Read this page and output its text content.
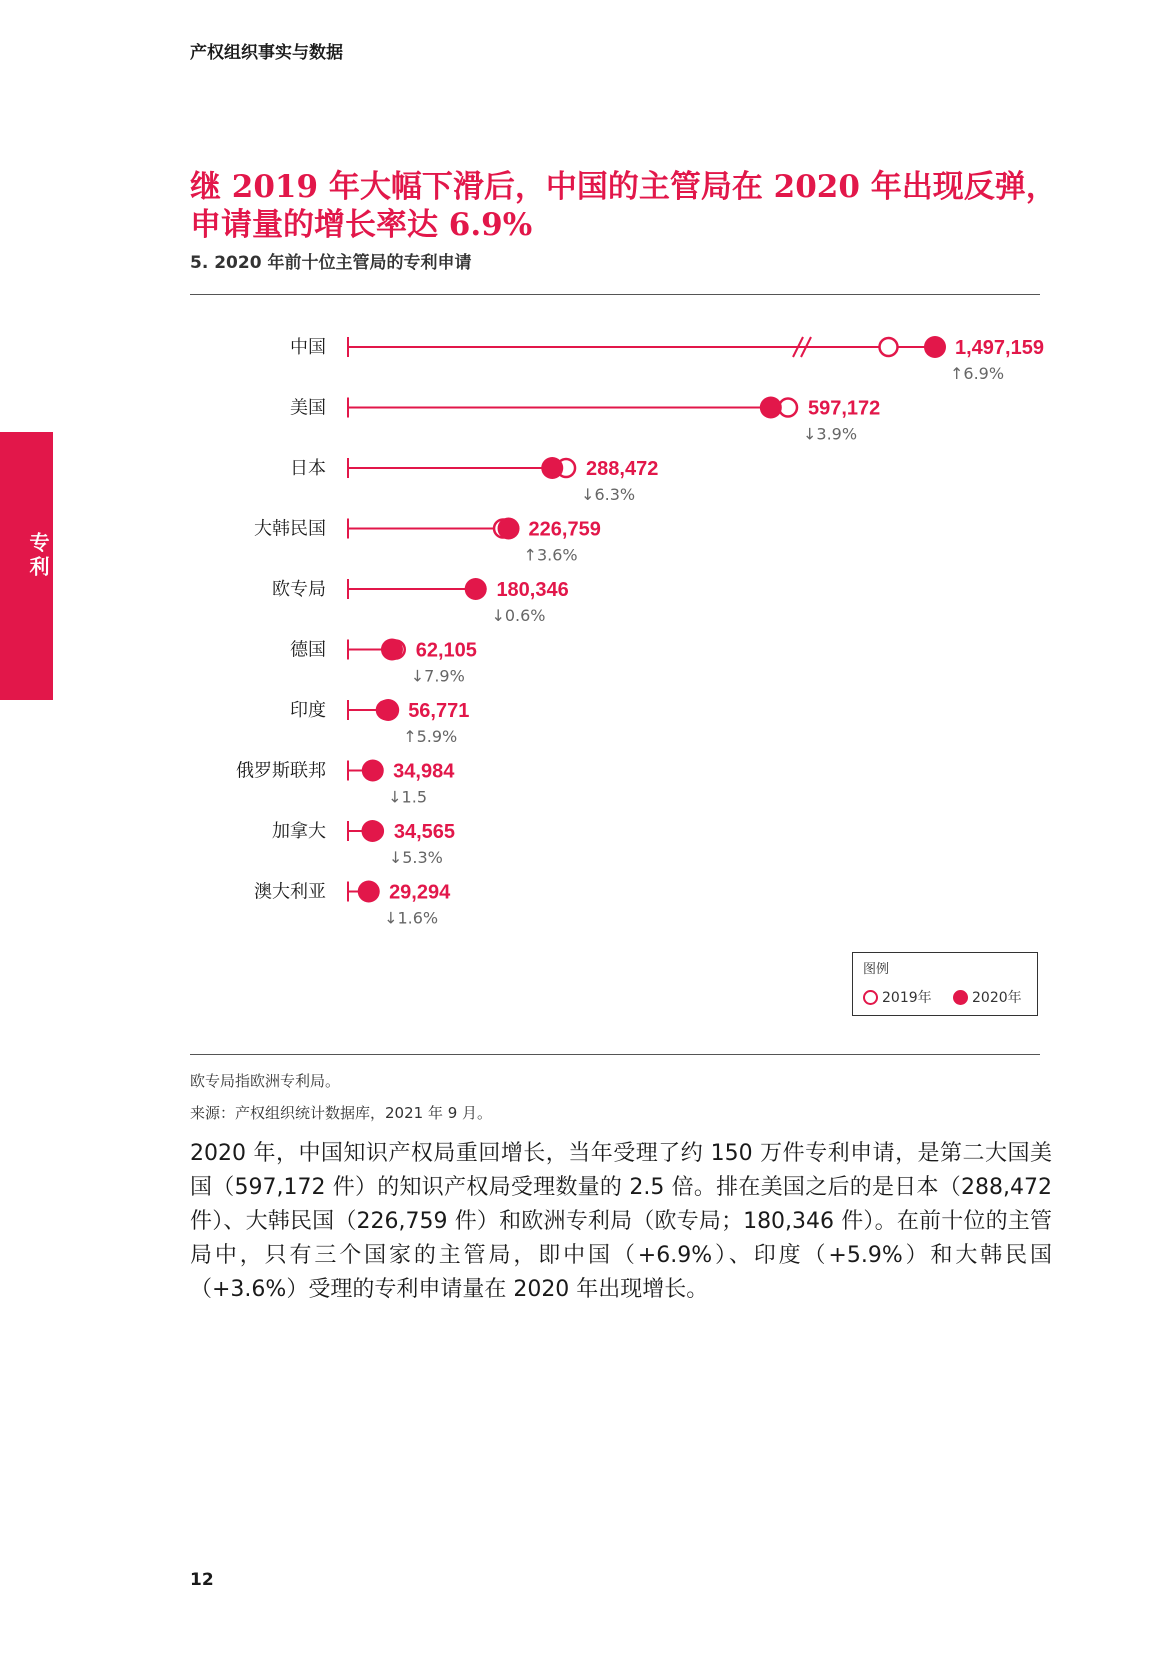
产权组织事实与数据
专利
继 2019 年大幅下滑后，中国的主管局在 2020 年出现反弹，申请量的增长率达 6.9%
5. 2020 年前十位主管局的专利申请
中国	1,497,159
↑6.9%
美国	597,172
↓3.9%
日本	288,472
↓6.3%
大韩民国	226,759
↑3.6%
欧专局	180,346
↓0.6%
德国	62,105
↓7.9%
印度	56,771
↑5.9%
俄罗斯联邦	34,984
↓1.5
加拿大	34,565
↓5.3%
澳大利亚	29,294
↓1.6%
图例
2019年	2020年
欧专局指欧洲专利局。
来源：产权组织统计数据库，2021 年 9 月。
2020 年，中国知识产权局重回增长，当年受理了约 150 万件专利申请，是第二大国美国（597,172 件）的知识产权局受理数量的 2.5 倍。排在美国之后的是日本（288,472 件）、大韩民国（226,759 件）和欧洲专利局（欧专局；180,346 件）。在前十位的主管局中，只有三个国家的主管局，即中国（+6.9%）、印度（+5.9%）和大韩民国（+3.6%）受理的专利申请量在 2020 年出现增长。
12
